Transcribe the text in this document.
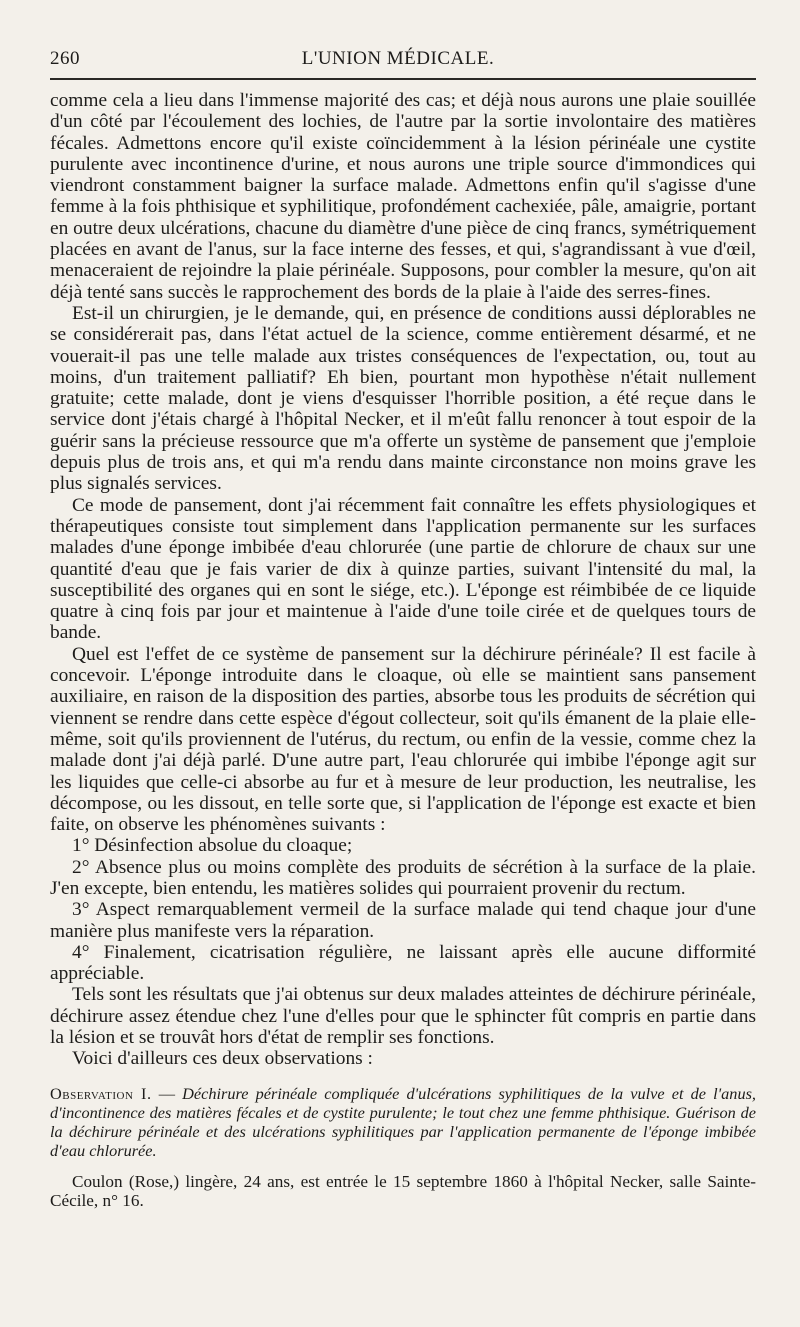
260	L'UNION MÉDICALE.

comme cela a lieu dans l'immense majorité des cas; et déjà nous aurons une plaie souillée d'un côté par l'écoulement des lochies, de l'autre par la sortie involontaire des matières fécales. Admettons encore qu'il existe coïncidemment à la lésion périnéale une cystite purulente avec incontinence d'urine, et nous aurons une triple source d'immondices qui viendront constamment baigner la surface malade. Admettons enfin qu'il s'agisse d'une femme à la fois phthisique et syphilitique, profondément cachexiée, pâle, amaigrie, portant en outre deux ulcérations, chacune du diamètre d'une pièce de cinq francs, symétriquement placées en avant de l'anus, sur la face interne des fesses, et qui, s'agrandissant à vue d'œil, menaceraient de rejoindre la plaie périnéale. Supposons, pour combler la mesure, qu'on ait déjà tenté sans succès le rapprochement des bords de la plaie à l'aide des serres-fines.

Est-il un chirurgien, je le demande, qui, en présence de conditions aussi déplorables ne se considérerait pas, dans l'état actuel de la science, comme entièrement désarmé, et ne vouerait-il pas une telle malade aux tristes conséquences de l'expectation, ou, tout au moins, d'un traitement palliatif? Eh bien, pourtant mon hypothèse n'était nullement gratuite; cette malade, dont je viens d'esquisser l'horrible position, a été reçue dans le service dont j'étais chargé à l'hôpital Necker, et il m'eût fallu renoncer à tout espoir de la guérir sans la précieuse ressource que m'a offerte un système de pansement que j'emploie depuis plus de trois ans, et qui m'a rendu dans mainte circonstance non moins grave les plus signalés services.

Ce mode de pansement, dont j'ai récemment fait connaître les effets physiologiques et thérapeutiques consiste tout simplement dans l'application permanente sur les surfaces malades d'une éponge imbibée d'eau chlorurée (une partie de chlorure de chaux sur une quantité d'eau que je fais varier de dix à quinze parties, suivant l'intensité du mal, la susceptibilité des organes qui en sont le siége, etc.). L'éponge est réimbibée de ce liquide quatre à cinq fois par jour et maintenue à l'aide d'une toile cirée et de quelques tours de bande.

Quel est l'effet de ce système de pansement sur la déchirure périnéale? Il est facile à concevoir. L'éponge introduite dans le cloaque, où elle se maintient sans pansement auxiliaire, en raison de la disposition des parties, absorbe tous les produits de sécrétion qui viennent se rendre dans cette espèce d'égout collecteur, soit qu'ils émanent de la plaie elle-même, soit qu'ils proviennent de l'utérus, du rectum, ou enfin de la vessie, comme chez la malade dont j'ai déjà parlé. D'une autre part, l'eau chlorurée qui imbibe l'éponge agit sur les liquides que celle-ci absorbe au fur et à mesure de leur production, les neutralise, les décompose, ou les dissout, en telle sorte que, si l'application de l'éponge est exacte et bien faite, on observe les phénomènes suivants :

1° Désinfection absolue du cloaque;

2° Absence plus ou moins complète des produits de sécrétion à la surface de la plaie. J'en excepte, bien entendu, les matières solides qui pourraient provenir du rectum.

3° Aspect remarquablement vermeil de la surface malade qui tend chaque jour d'une manière plus manifeste vers la réparation.

4° Finalement, cicatrisation régulière, ne laissant après elle aucune difformité appréciable.

Tels sont les résultats que j'ai obtenus sur deux malades atteintes de déchirure périnéale, déchirure assez étendue chez l'une d'elles pour que le sphincter fût compris en partie dans la lésion et se trouvât hors d'état de remplir ses fonctions.

Voici d'ailleurs ces deux observations :

Observation I. — Déchirure périnéale compliquée d'ulcérations syphilitiques de la vulve et de l'anus, d'incontinence des matières fécales et de cystite purulente; le tout chez une femme phthisique. Guérison de la déchirure périnéale et des ulcérations syphilitiques par l'application permanente de l'éponge imbibée d'eau chlorurée.
Coulon (Rose,) lingère, 24 ans, est entrée le 15 septembre 1860 à l'hôpital Necker, salle Sainte-Cécile, n° 16.
